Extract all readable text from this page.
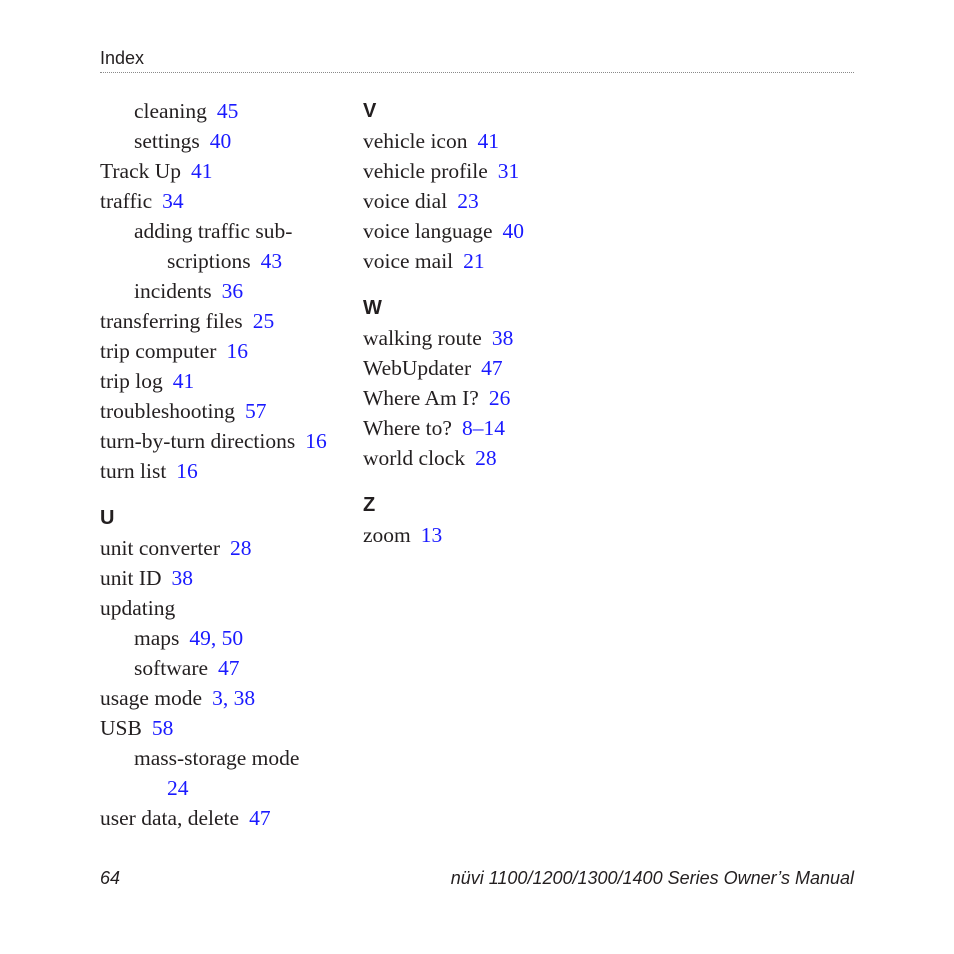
Index
cleaning 45
settings 40
Track Up 41
traffic 34
adding traffic sub-
scriptions 43
incidents 36
transferring files 25
trip computer 16
trip log 41
troubleshooting 57
turn-by-turn directions 16
turn list 16
U
unit converter 28
unit ID 38
updating
maps 49, 50
software 47
usage mode 3, 38
USB 58
mass-storage mode
24
user data, delete 47
V
vehicle icon 41
vehicle profile 31
voice dial 23
voice language 40
voice mail 21
W
walking route 38
WebUpdater 47
Where Am I? 26
Where to? 8–14
world clock 28
Z
zoom 13
64	nüvi 1100/1200/1300/1400 Series Owner’s Manual
